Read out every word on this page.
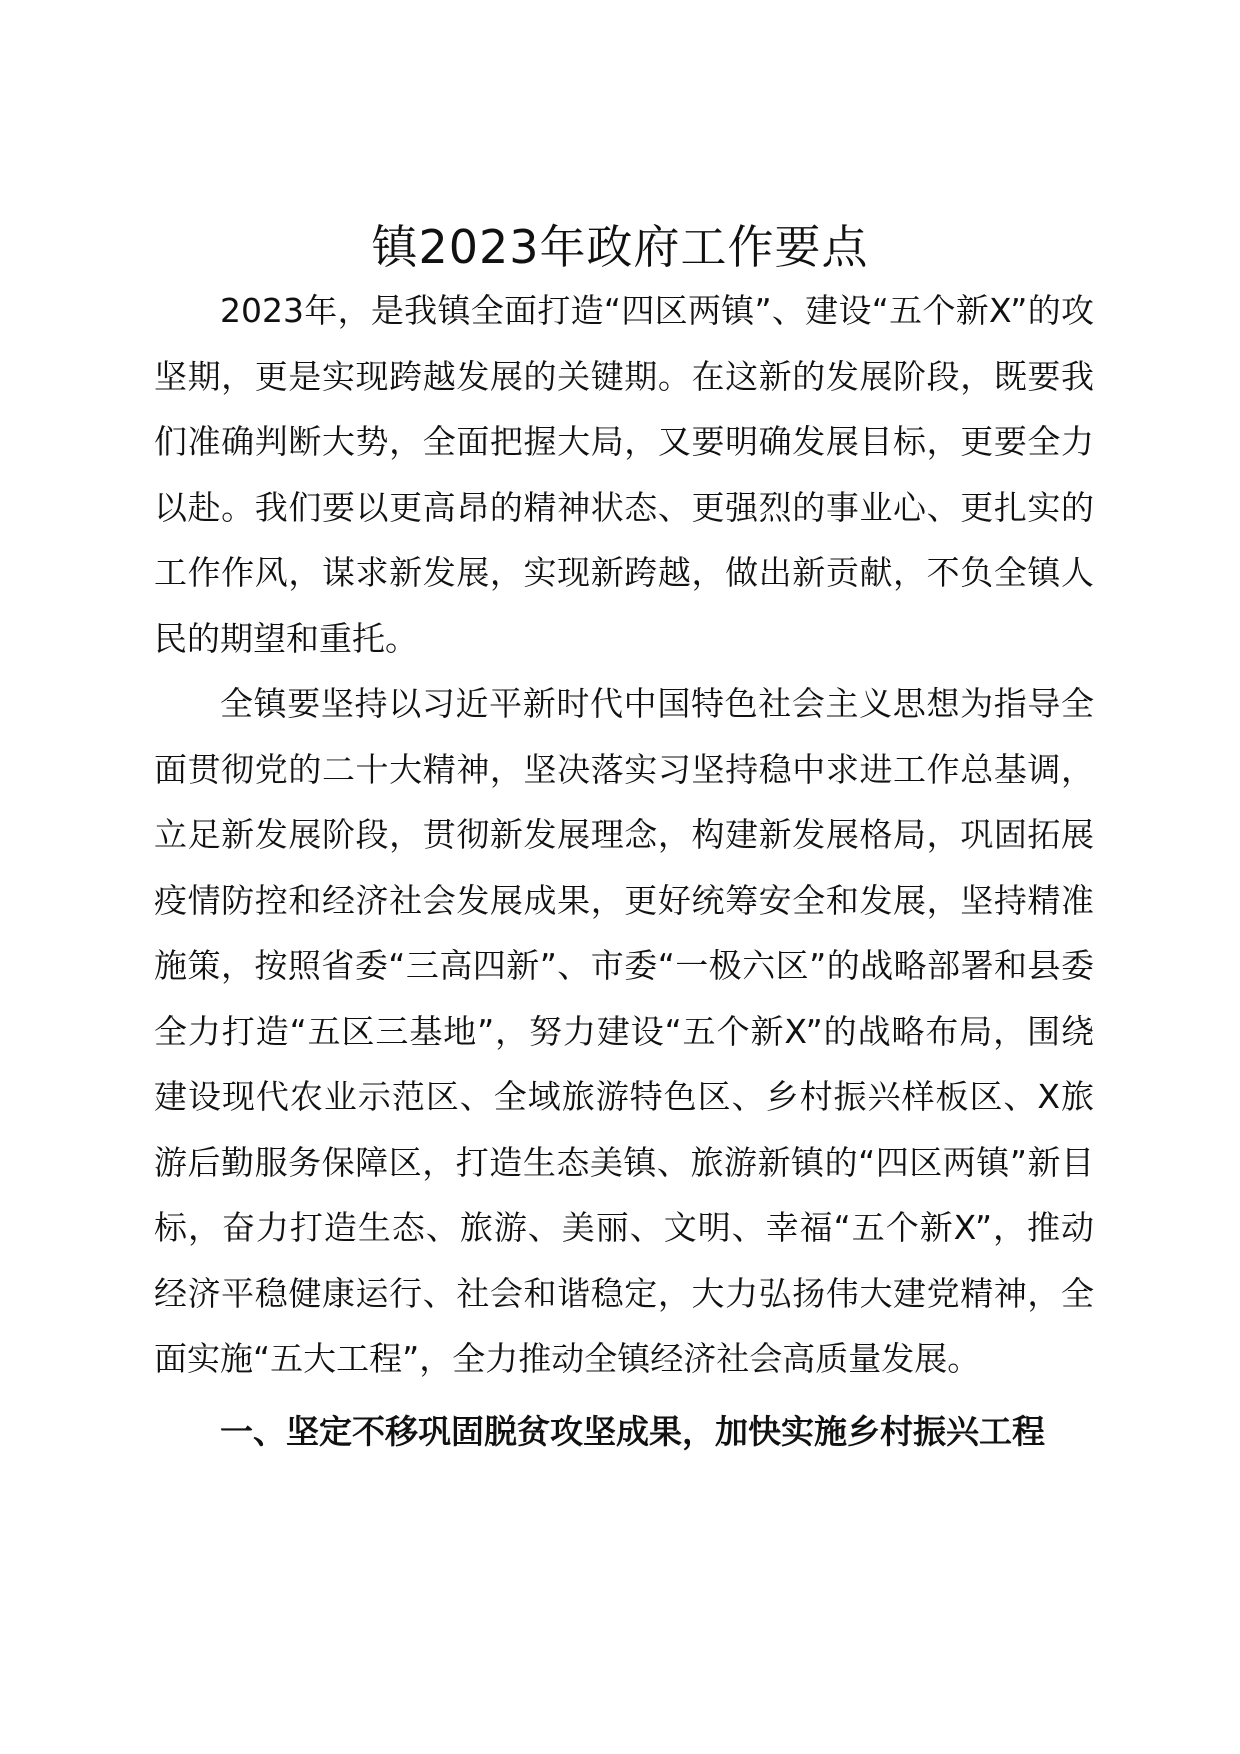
镇2023年政府工作要点

2023年，是我镇全面打造“四区两镇”、建设“五个新X”的攻坚期，更是实现跨越发展的关键期。在这新的发展阶段，既要我们准确判断大势，全面把握大局，又要明确发展目标，更要全力以赴。我们要以更高昂的精神状态、更强烈的事业心、更扎实的工作作风，谋求新发展，实现新跨越，做出新贡献，不负全镇人民的期望和重托。

全镇要坚持以习近平新时代中国特色社会主义思想为指导全面贯彻党的二十大精神，坚决落实习坚持稳中求进工作总基调，立足新发展阶段，贯彻新发展理念，构建新发展格局，巩固拓展疫情防控和经济社会发展成果，更好统筹安全和发展，坚持精准施策，按照省委“三高四新”、市委“一极六区”的战略部署和县委全力打造“五区三基地”，努力建设“五个新X”的战略布局，围绕建设现代农业示范区、全域旅游特色区、乡村振兴样板区、X旅游后勤服务保障区，打造生态美镇、旅游新镇的“四区两镇”新目标，奋力打造生态、旅游、美丽、文明、幸福“五个新X”，推动经济平稳健康运行、社会和谐稳定，大力弘扬伟大建党精神，全面实施“五大工程”，全力推动全镇经济社会高质量发展。

一、坚定不移巩固脱贫攻坚成果，加快实施乡村振兴工程
